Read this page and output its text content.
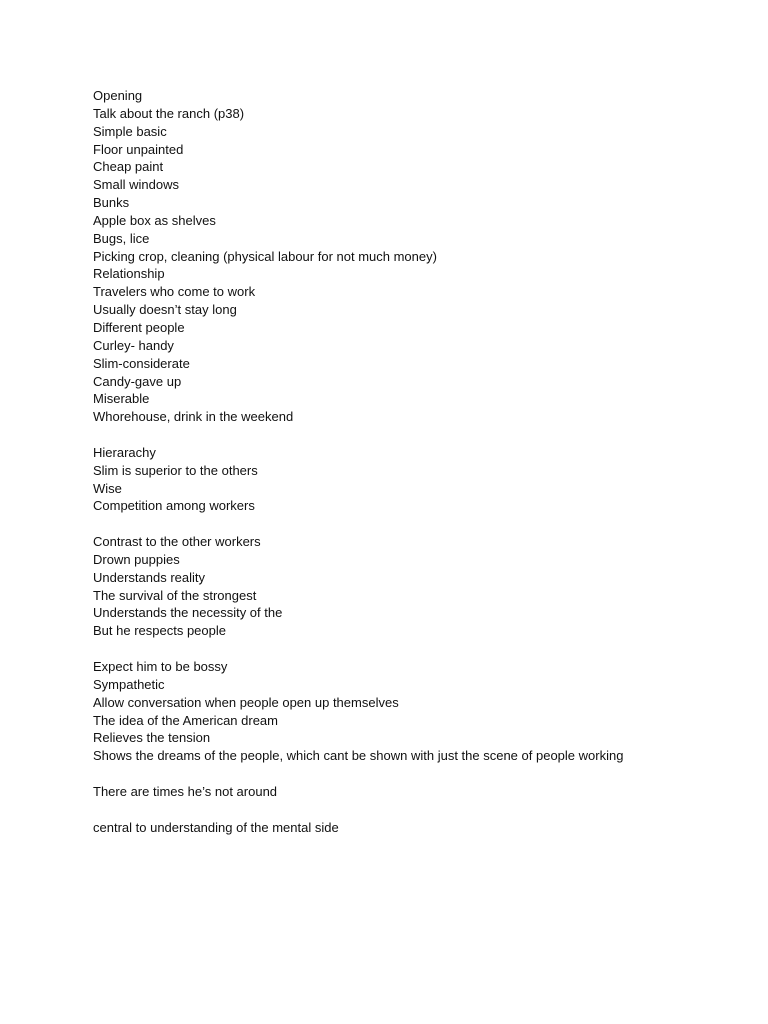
Opening
Talk about the ranch (p38)
Simple basic
Floor unpainted
Cheap paint
Small windows
Bunks
Apple box as shelves
Bugs, lice
Picking crop, cleaning (physical labour for not much money)
Relationship
Travelers who come to work
Usually doesn’t stay long
Different people
Curley- handy
Slim-considerate
Candy-gave up
Miserable
Whorehouse, drink in the weekend
Hierarachy
Slim is superior to the others
Wise
Competition among workers
Contrast to the other workers
Drown puppies
Understands reality
The survival of the strongest
Understands the necessity of the
But he respects people
Expect him to be bossy
Sympathetic
Allow conversation when people open up themselves
The idea of the American dream
Relieves the tension
Shows the dreams of the people, which cant be shown with just the scene of people working
There are times he’s not around
central to understanding of the mental side
